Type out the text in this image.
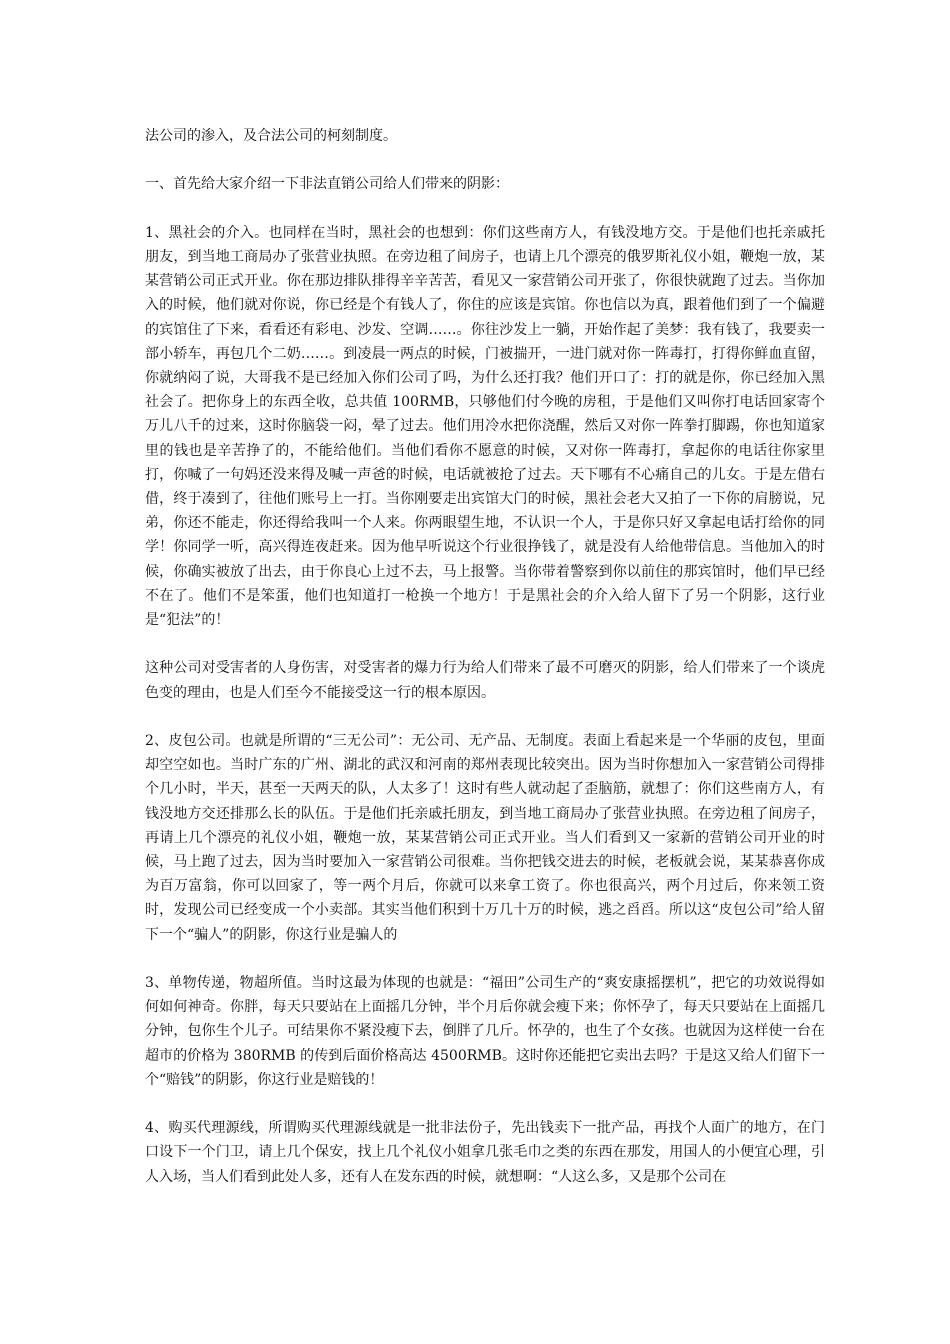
法公司的渗入，及合法公司的柯刻制度。

一、首先给大家介绍一下非法直销公司给人们带来的阴影：

1、黑社会的介入。也同样在当时，黑社会的也想到：你们这些南方人，有钱没地方交。于是他们也托亲戚托朋友，到当地工商局办了张营业执照。在旁边租了间房子，也请上几个漂亮的俄罗斯礼仪小姐，鞭炮一放，某某营销公司正式开业。你在那边排队排得辛辛苦苦，看见又一家营销公司开张了，你很快就跑了过去。当你加入的时候，他们就对你说，你已经是个有钱人了，你住的应该是宾馆。你也信以为真，跟着他们到了一个偏避的宾馆住了下来，看看还有彩电、沙发、空调……。你往沙发上一躺，开始作起了美梦：我有钱了，我要卖一部小轿车，再包几个二奶……。到凌晨一两点的时候，门被揣开，一进门就对你一阵毒打，打得你鲜血直留，你就纳闷了说，大哥我不是已经加入你们公司了吗，为什么还打我？他们开口了：打的就是你，你已经加入黑社会了。把你身上的东西全收，总共值 100RMB，只够他们付今晚的房租，于是他们又叫你打电话回家寄个万儿八千的过来，这时你脑袋一闷，晕了过去。他们用冷水把你浇醒，然后又对你一阵拳打脚踢，你也知道家里的钱也是辛苦挣了的，不能给他们。当他们看你不愿意的时候，又对你一阵毒打，拿起你的电话往你家里打，你喊了一句妈还没来得及喊一声爸的时候，电话就被抢了过去。天下哪有不心痛自己的儿女。于是左借右借，终于凑到了，往他们账号上一打。当你刚要走出宾馆大门的时候，黑社会老大又拍了一下你的肩膀说，兄弟，你还不能走，你还得给我叫一个人来。你两眼望生地，不认识一个人，于是你只好又拿起电话打给你的同学！你同学一听，高兴得连夜赶来。因为他早听说这个行业很挣钱了，就是没有人给他带信息。当他加入的时候，你确实被放了出去，由于你良心上过不去，马上报警。当你带着警察到你以前住的那宾馆时，他们早已经不在了。他们不是笨蛋，他们也知道打一枪换一个地方！于是黑社会的介入给人留下了另一个阴影，这行业是“犯法”的！

这种公司对受害者的人身伤害，对受害者的爆力行为给人们带来了最不可磨灭的阴影，给人们带来了一个谈虎色变的理由，也是人们至今不能接受这一行的根本原因。

2、皮包公司。也就是所谓的“三无公司”：无公司、无产品、无制度。表面上看起来是一个华丽的皮包，里面却空空如也。当时广东的广州、湖北的武汉和河南的郑州表现比较突出。因为当时你想加入一家营销公司得排个几小时，半天，甚至一天两天的队，人太多了！这时有些人就动起了歪脑筋，就想了：你们这些南方人，有钱没地方交还排那么长的队伍。于是他们托亲戚托朋友，到当地工商局办了张营业执照。在旁边租了间房子，再请上几个漂亮的礼仪小姐，鞭炮一放，某某营销公司正式开业。当人们看到又一家新的营销公司开业的时候，马上跑了过去，因为当时要加入一家营销公司很难。当你把钱交进去的时候，老板就会说，某某恭喜你成为百万富翁，你可以回家了，等一两个月后，你就可以来拿工资了。你也很高兴，两个月过后，你来领工资时，发现公司已经变成一个小卖部。其实当他们积到十万几十万的时候，逃之舀舀。所以这“皮包公司”给人留下一个“骗人”的阴影，你这行业是骗人的

3、单物传递，物超所值。当时这最为体现的也就是：“福田”公司生产的“爽安康摇摆机”，把它的功效说得如何如何神奇。你胖，每天只要站在上面摇几分钟，半个月后你就会瘦下来；你怀孕了，每天只要站在上面摇几分钟，包你生个儿子。可结果你不紧没瘦下去，倒胖了几斤。怀孕的，也生了个女孩。也就因为这样使一台在超市的价格为 380RMB 的传到后面价格高达 4500RMB。这时你还能把它卖出去吗？于是这又给人们留下一个“赔钱”的阴影，你这行业是赔钱的！

4、购买代理源线，所谓购买代理源线就是一批非法份子，先出钱卖下一批产品，再找个人面广的地方，在门口设下一个门卫，请上几个保安，找上几个礼仪小姐拿几张毛巾之类的东西在那发，用国人的小便宜心理，引人入场，当人们看到此处人多，还有人在发东西的时候，就想啊：“人这么多，又是那个公司在
